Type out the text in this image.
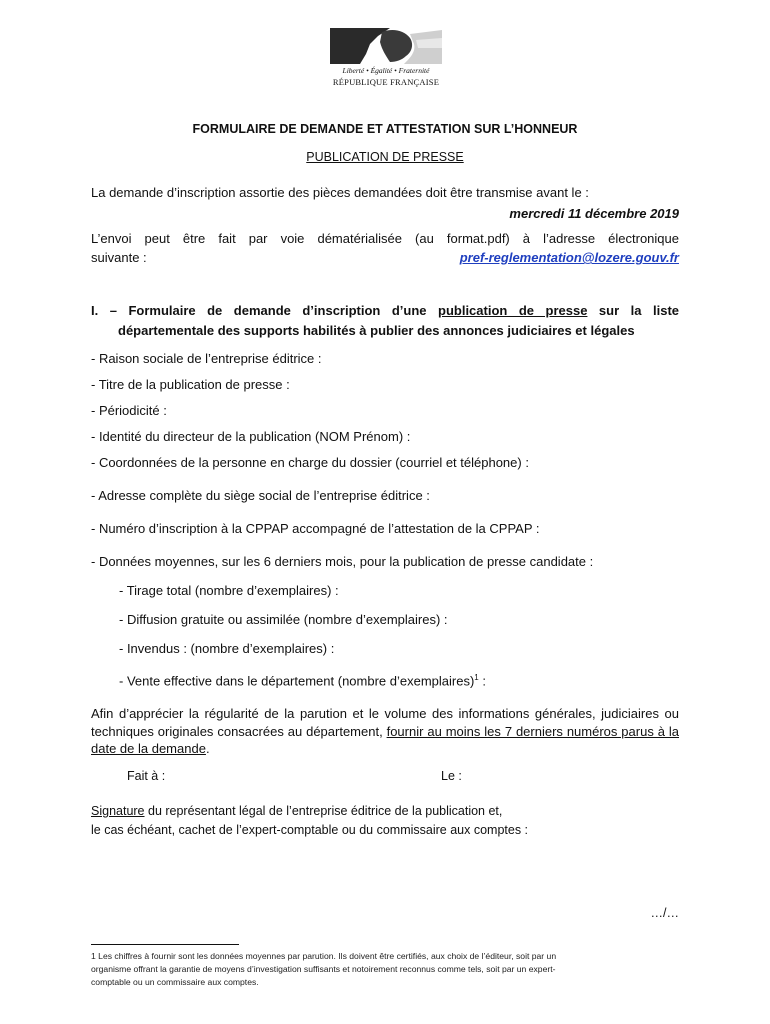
Liberté • Égalité • Fraternité
RÉPUBLIQUE FRANÇAISE
FORMULAIRE DE DEMANDE ET ATTESTATION SUR L’HONNEUR
PUBLICATION DE PRESSE
La demande d’inscription assortie des pièces demandées doit être transmise avant le :
mercredi 11 décembre 2019
L’envoi peut être fait par voie dématérialisée (au format.pdf) à l’adresse électronique
suivante :	pref-reglementation@lozere.gouv.fr
I. – Formulaire de demande d’inscription d’une publication de presse sur la liste
départementale des supports habilités à publier des annonces judiciaires et légales
- Raison sociale de l’entreprise éditrice :
- Titre de la publication de presse :
- Périodicité :
- Identité du directeur de la publication (NOM Prénom) :
- Coordonnées de la personne en charge du dossier (courriel et téléphone) :
- Adresse complète du siège social de l’entreprise éditrice :
- Numéro d’inscription à la CPPAP accompagné de l’attestation de la CPPAP :
- Données moyennes, sur les 6 derniers mois, pour la publication de presse candidate :
- Tirage total (nombre d’exemplaires) :
- Diffusion gratuite ou assimilée (nombre d’exemplaires) :
- Invendus : (nombre d’exemplaires) :
- Vente effective dans le département (nombre d’exemplaires)$^1$ :
Afin d’apprécier la régularité de la parution et le volume des informations générales, judiciaires ou
techniques originales consacrées au département, fournir au moins les 7 derniers numéros parus à la
date de la demande.
Fait à :	Le :
Signature du représentant légal de l’entreprise éditrice de la publication et,
le cas échéant, cachet de l’expert-comptable ou du commissaire aux comptes :
…/…
1 Les chiffres à fournir sont les données moyennes par parution. Ils doivent être certifiés, aux choix de l’éditeur, soit par un
organisme offrant la garantie de moyens d’investigation suffisants et notoirement reconnus comme tels, soit par un expert-
comptable ou un commissaire aux comptes.
